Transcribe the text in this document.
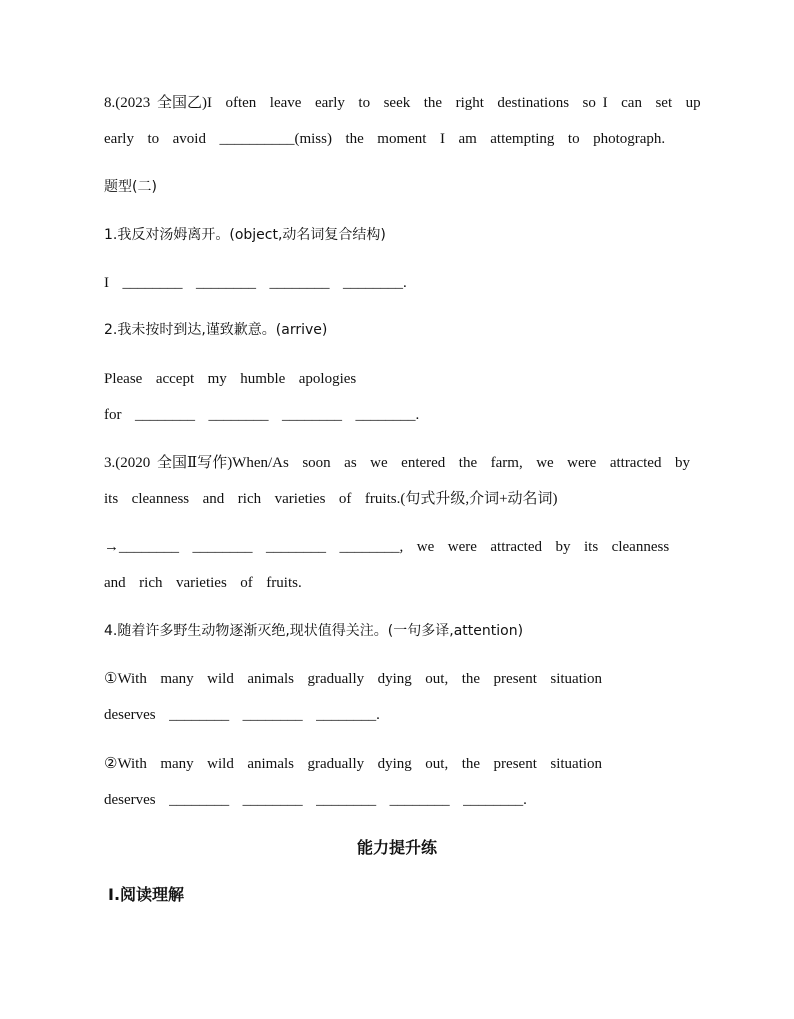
8.(2023 全国乙)I  often  leave  early  to  seek  the  right  destinations  so I  can  set  up
early  to  avoid  __________(miss)  the  moment  I  am  attempting  to  photograph.
题型(二)
1.我反对汤姆离开。(object,动名词复合结构)
I  ________  ________  ________  ________.
2.我未按时到达,谨致歉意。(arrive)
Please  accept  my  humble  apologies
for  ________  ________  ________  ________.
3.(2020 全国Ⅱ写作)When/As  soon  as  we  entered  the  farm,  we  were  attracted  by
its  cleanness  and  rich  varieties  of  fruits.(句式升级,介词+动名词)
→________  ________  ________  ________,  we  were  attracted  by  its  cleanness
and  rich  varieties  of  fruits.
4.随着许多野生动物逐渐灭绝,现状值得关注。(一句多译,attention)
①With  many  wild  animals  gradually  dying  out,  the  present  situation
deserves  ________  ________  ________.
②With  many  wild  animals  gradually  dying  out,  the  present  situation
deserves  ________  ________  ________  ________  ________.
能力提升练
Ⅰ.阅读理解
